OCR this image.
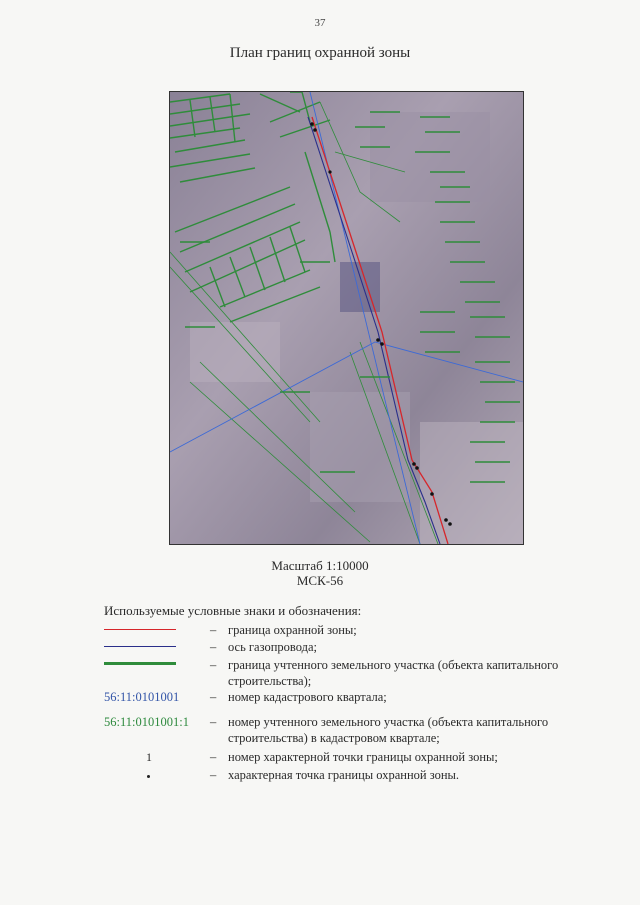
37
План границ охранной зоны
Масштаб 1:10000
МСК-56
Используемые условные знаки и обозначения:
– граница охранной зоны;
– ось газопровода;
– граница учтенного земельного участка (объекта капитального строительства);
56:11:0101001	– номер кадастрового квартала;
56:11:0101001:1	– номер учтенного земельного участка (объекта капитального строительства) в кадастровом квартале;
1	– номер характерной точки границы охранной зоны;
– характерная точка границы охранной зоны.
